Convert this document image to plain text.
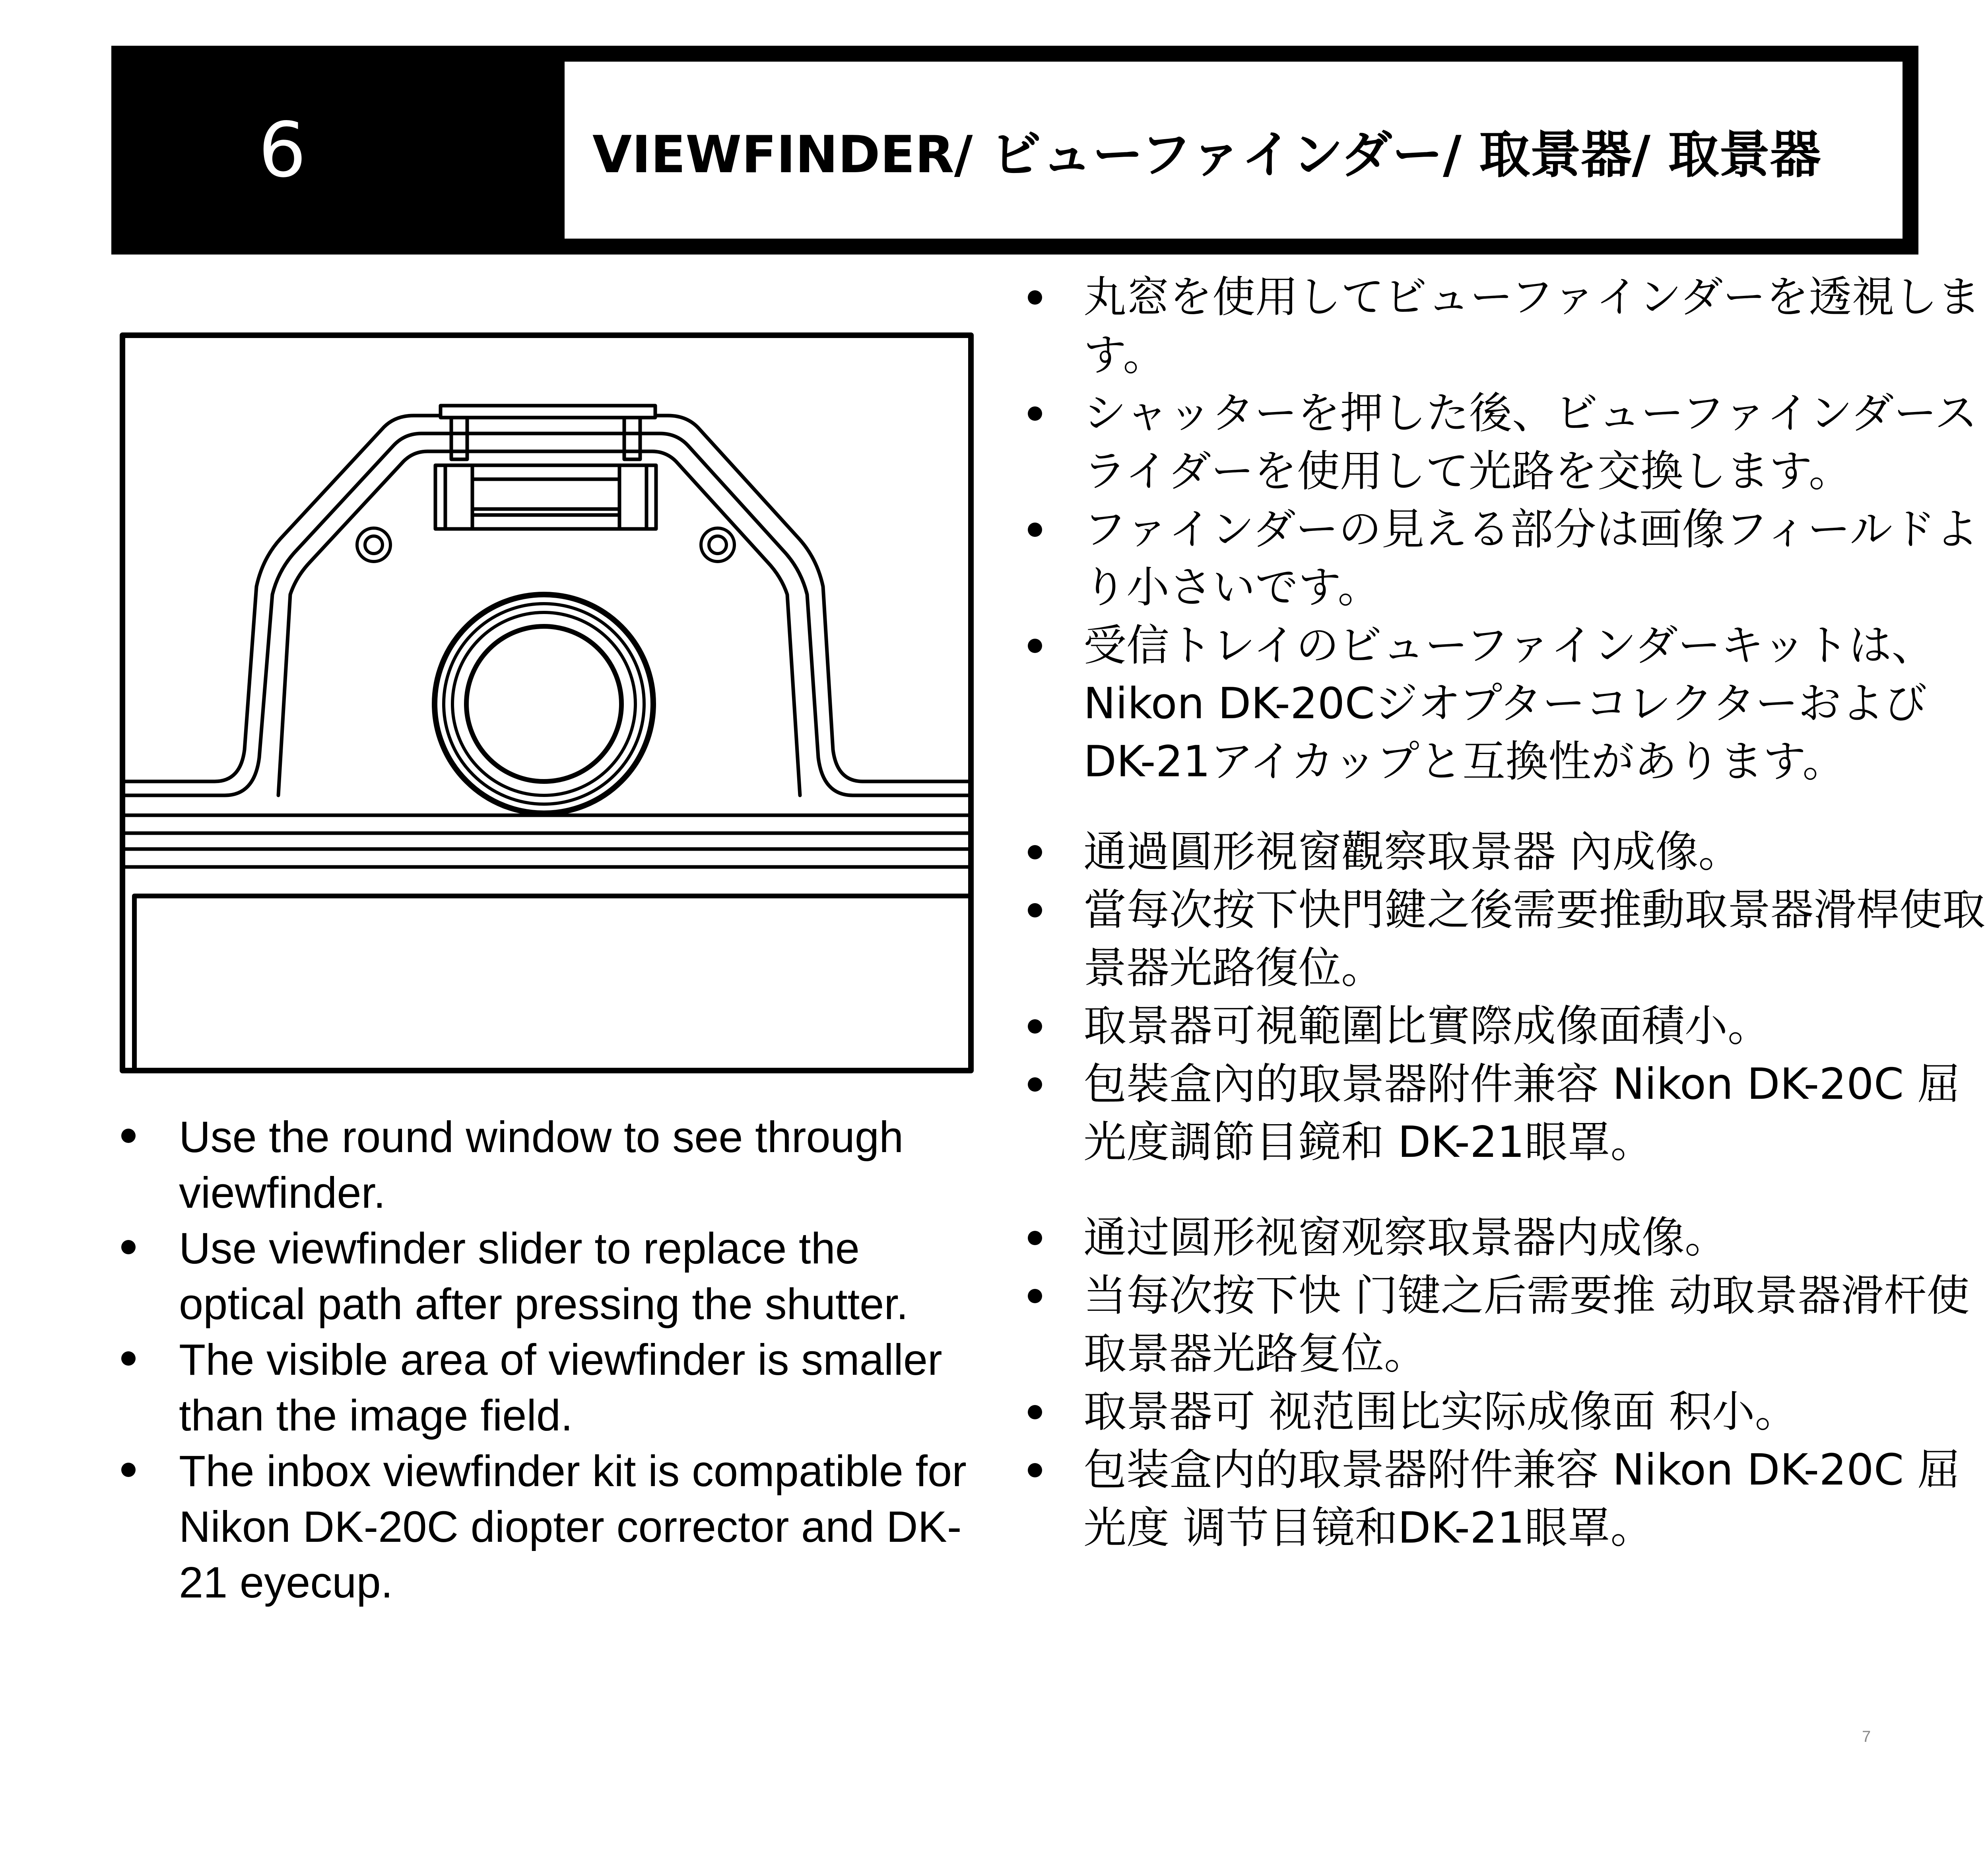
6	VIEWFINDER/ ビューファインダー/ 取景器/ 取景器
Use the round window to see through viewfinder.
Use viewfinder slider to replace the optical path after pressing the shutter.
The visible area of viewfinder is smaller than the image field.
The inbox viewfinder kit is compatible for Nikon DK-20C diopter corrector and DK-21 eyecup.
丸窓を使用してビューファインダーを透視します。
シャッターを押した後、ビューファインダースライダーを使用して光路を交換します。
ファインダーの見える部分は画像フィールドより小さいです。
受信トレイのビューファインダーキットは、Nikon DK-20Cジオプターコレクターおよび DK-21アイカップと互換性があります。
通過圓形視窗觀察取景器 內成像。
當每次按下快門鍵之後需要推動取景器滑桿使取景器光路復位。
取景器可視範圍比實際成像面積小。
包裝盒內的取景器附件兼容 Nikon DK-20C 屈光度調節目鏡和 DK-21眼罩。
通过圆形视窗观察取景器内成像。
当每次按下快 门键之后需要推 动取景器滑杆使取景器光路复位。
取景器可 视范围比实际成像面 积小。
包装盒内的取景器附件兼容 Nikon DK-20C 屈光度 调节目镜和DK-21眼罩。
7
